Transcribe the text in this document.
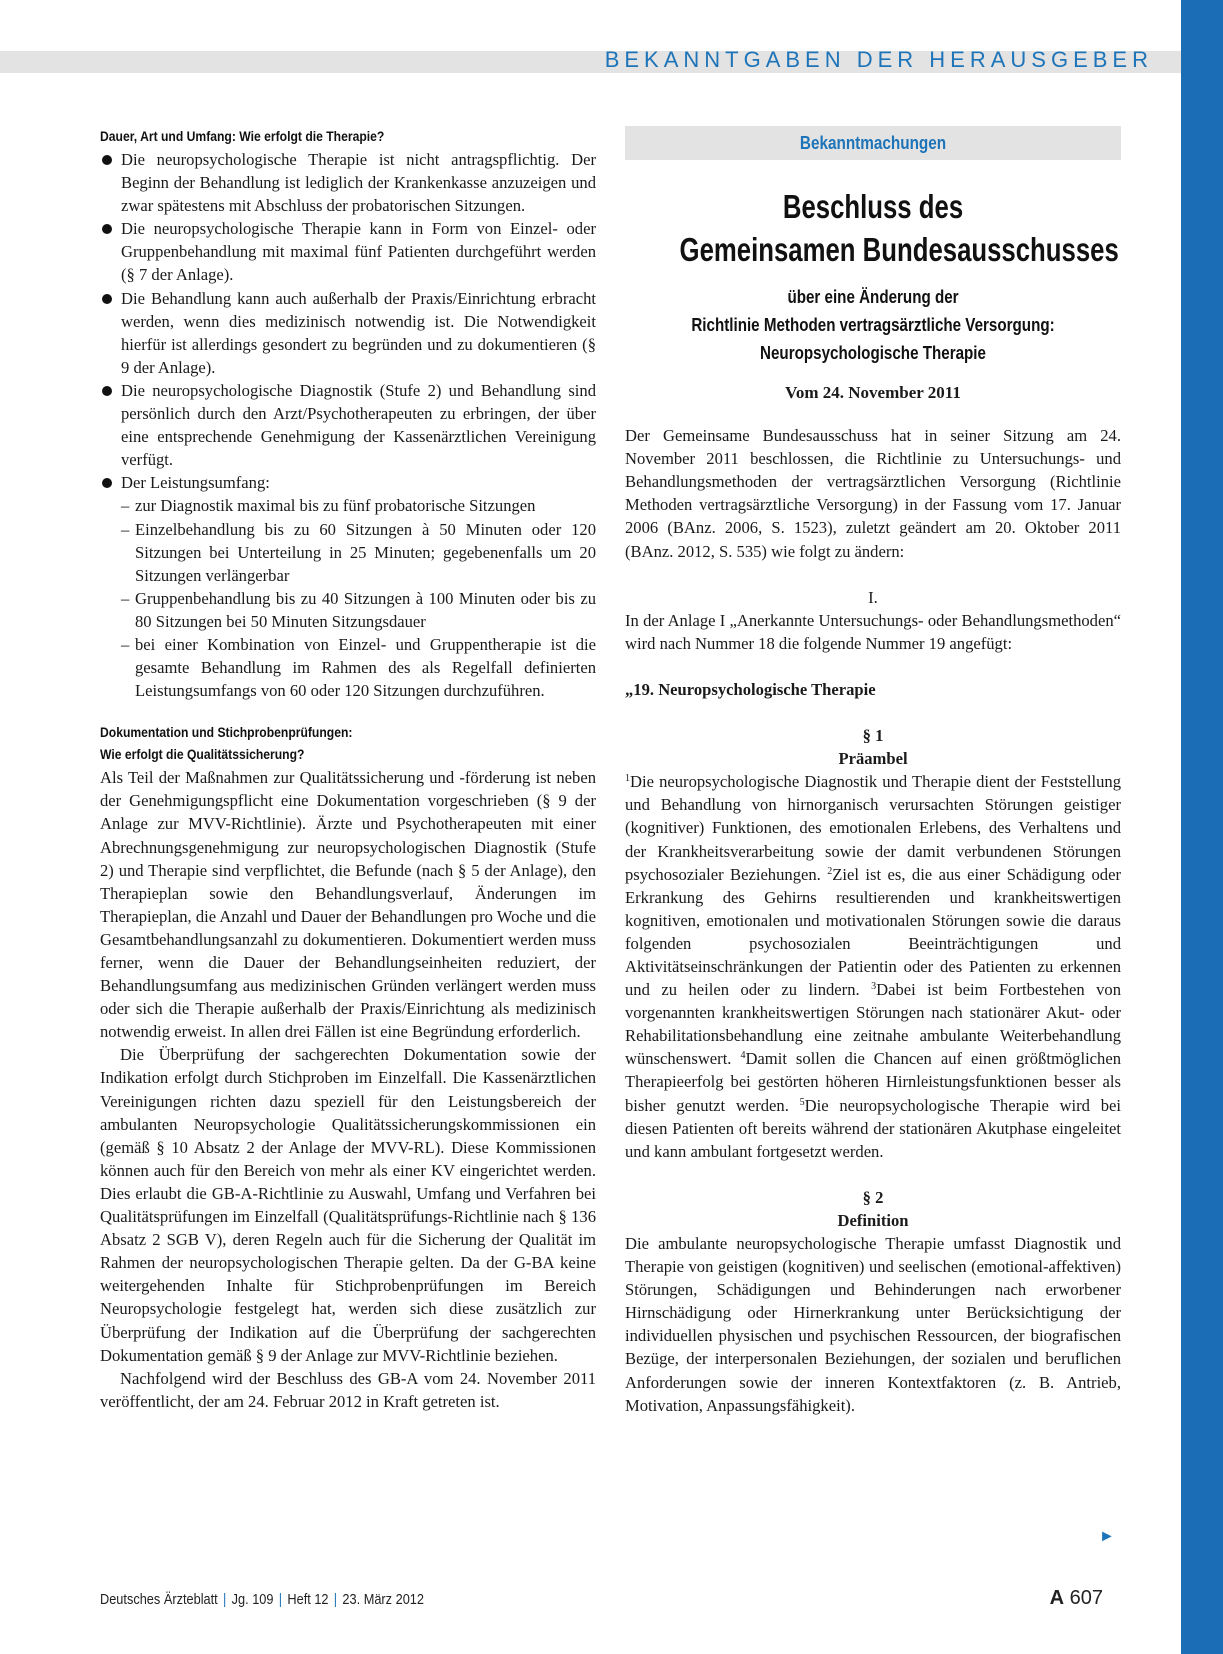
BEKANNTGABEN DER HERAUSGEBER
Dauer, Art und Umfang: Wie erfolgt die Therapie?
Die neuropsychologische Therapie ist nicht antragspflichtig. Der Beginn der Behandlung ist lediglich der Krankenkasse anzuzeigen und zwar spätestens mit Abschluss der probatorischen Sitzungen.
Die neuropsychologische Therapie kann in Form von Einzel- oder Gruppenbehandlung mit maximal fünf Patienten durchgeführt werden (§ 7 der Anlage).
Die Behandlung kann auch außerhalb der Praxis/Einrichtung erbracht werden, wenn dies medizinisch notwendig ist. Die Notwendigkeit hierfür ist allerdings gesondert zu begründen und zu dokumentieren (§ 9 der Anlage).
Die neuropsychologische Diagnostik (Stufe 2) und Behandlung sind persönlich durch den Arzt/Psychotherapeuten zu erbringen, der über eine entsprechende Genehmigung der Kassenärztlichen Vereinigung verfügt.
Der Leistungsumfang:
– zur Diagnostik maximal bis zu fünf probatorische Sitzungen
– Einzelbehandlung bis zu 60 Sitzungen à 50 Minuten oder 120 Sitzungen bei Unterteilung in 25 Minuten; gegebenenfalls um 20 Sitzungen verlängerbar
– Gruppenbehandlung bis zu 40 Sitzungen à 100 Minuten oder bis zu 80 Sitzungen bei 50 Minuten Sitzungsdauer
– bei einer Kombination von Einzel- und Gruppentherapie ist die gesamte Behandlung im Rahmen des als Regelfall definierten Leistungsumfangs von 60 oder 120 Sitzungen durchzuführen.
Dokumentation und Stichprobenprüfungen:
Wie erfolgt die Qualitätssicherung?

Als Teil der Maßnahmen zur Qualitätssicherung und -förderung ist neben der Genehmigungspflicht eine Dokumentation vorgeschrieben (§ 9 der Anlage zur MVV-Richtlinie). Ärzte und Psychotherapeuten mit einer Abrechnungsgenehmigung zur neuropsychologischen Diagnostik (Stufe 2) und Therapie sind verpflichtet, die Befunde (nach § 5 der Anlage), den Therapieplan sowie den Behandlungsverlauf, Änderungen im Therapieplan, die Anzahl und Dauer der Behandlungen pro Woche und die Gesamtbehandlungsanzahl zu dokumentieren. Dokumentiert werden muss ferner, wenn die Dauer der Behandlungseinheiten reduziert, der Behandlungsumfang aus medizinischen Gründen verlängert werden muss oder sich die Therapie außerhalb der Praxis/Einrichtung als medizinisch notwendig erweist. In allen drei Fällen ist eine Begründung erforderlich.

Die Überprüfung der sachgerechten Dokumentation sowie der Indikation erfolgt durch Stichproben im Einzelfall. Die Kassenärztlichen Vereinigungen richten dazu speziell für den Leistungsbereich der ambulanten Neuropsychologie Qualitätssicherungskommissionen ein (gemäß § 10 Absatz 2 der Anlage der MVV-RL). Diese Kommissionen können auch für den Bereich von mehr als einer KV eingerichtet werden. Dies erlaubt die GB-A-Richtlinie zu Auswahl, Umfang und Verfahren bei Qualitätsprüfungen im Einzelfall (Qualitätsprüfungs-Richtlinie nach § 136 Absatz 2 SGB V), deren Regeln auch für die Sicherung der Qualität im Rahmen der neuropsychologischen Therapie gelten. Da der G-BA keine weitergehenden Inhalte für Stichprobenprüfungen im Bereich Neuropsychologie festgelegt hat, werden sich diese zusätzlich zur Überprüfung der Indikation auf die Überprüfung der sachgerechten Dokumentation gemäß § 9 der Anlage zur MVV-Richtlinie beziehen.

Nachfolgend wird der Beschluss des GB-A vom 24. November 2011 veröffentlicht, der am 24. Februar 2012 in Kraft getreten ist.

Bekanntmachungen
Beschluss des
Gemeinsamen Bundesausschusses
über eine Änderung der
Richtlinie Methoden vertragsärztliche Versorgung:
Neuropsychologische Therapie
Vom 24. November 2011

Der Gemeinsame Bundesausschuss hat in seiner Sitzung am 24. November 2011 beschlossen, die Richtlinie zu Untersuchungs- und Behandlungsmethoden der vertragsärztlichen Versorgung (Richtlinie Methoden vertragsärztliche Versorgung) in der Fassung vom 17. Januar 2006 (BAnz. 2006, S. 1523), zuletzt geändert am 20. Oktober 2011 (BAnz. 2012, S. 535) wie folgt zu ändern:

I.

In der Anlage I „Anerkannte Untersuchungs- oder Behandlungsmethoden“ wird nach Nummer 18 die folgende Nummer 19 angefügt:

„19. Neuropsychologische Therapie
§ 1
Präambel

$^1$Die neuropsychologische Diagnostik und Therapie dient der Feststellung und Behandlung von hirnorganisch verursachten Störungen geistiger (kognitiver) Funktionen, des emotionalen Erlebens, des Verhaltens und der Krankheitsverarbeitung sowie der damit verbundenen Störungen psychosozialer Beziehungen. $^2$Ziel ist es, die aus einer Schädigung oder Erkrankung des Gehirns resultierenden und krankheitswertigen kognitiven, emotionalen und motivationalen Störungen sowie die daraus folgenden psychosozialen Beeinträchtigungen und Aktivitätseinschränkungen der Patientin oder des Patienten zu erkennen und zu heilen oder zu lindern. $^3$Dabei ist beim Fortbestehen von vorgenannten krankheitswertigen Störungen nach stationärer Akut- oder Rehabilitationsbehandlung eine zeitnahe ambulante Weiterbehandlung wünschenswert. $^4$Damit sollen die Chancen auf einen größtmöglichen Therapieerfolg bei gestörten höheren Hirnleistungsfunktionen besser als bisher genutzt werden. $^5$Die neuropsychologische Therapie wird bei diesen Patienten oft bereits während der stationären Akutphase eingeleitet und kann ambulant fortgesetzt werden.

§ 2
Definition

Die ambulante neuropsychologische Therapie umfasst Diagnostik und Therapie von geistigen (kognitiven) und seelischen (emotional-affektiven) Störungen, Schädigungen und Behinderungen nach erworbener Hirnschädigung oder Hirnerkrankung unter Berücksichtigung der individuellen physischen und psychischen Ressourcen, der biografischen Bezüge, der interpersonalen Beziehungen, der sozialen und beruflichen Anforderungen sowie der inneren Kontextfaktoren (z. B. Antrieb, Motivation, Anpassungsfähigkeit).

►
Deutsches Ärzteblatt | Jg. 109 | Heft 12 | 23. März 2012	A 607
